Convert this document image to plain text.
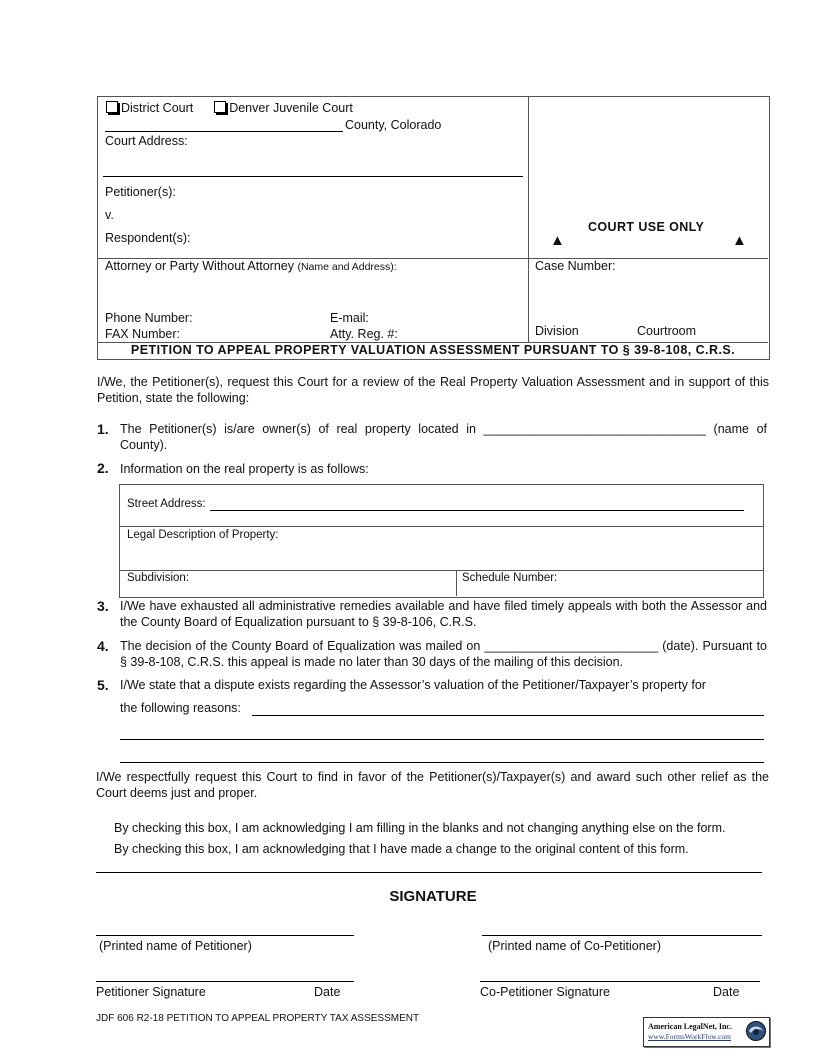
District Court	Denver Juvenile Court
County, Colorado
Court Address:
Petitioner(s):
v.
Respondent(s):
COURT USE ONLY
▲	▲
Attorney or Party Without Attorney (Name and Address):
Phone Number:	E-mail:
FAX Number:	Atty. Reg. #:
Case Number:
Division	Courtroom
PETITION TO APPEAL PROPERTY VALUATION ASSESSMENT PURSUANT TO § 39-8-108, C.R.S.
I/We, the Petitioner(s), request this Court for a review of the Real Property Valuation Assessment and in support of this Petition, state the following:
1. The Petitioner(s) is/are owner(s) of real property located in ________________________________ (name of County).
2. Information on the real property is as follows:
Street Address:
Legal Description of Property:
Subdivision:	Schedule Number:
3. I/We have exhausted all administrative remedies available and have filed timely appeals with both the Assessor and the County Board of Equalization pursuant to § 39-8-106, C.R.S.
4. The decision of the County Board of Equalization was mailed on _________________________ (date). Pursuant to § 39-8-108, C.R.S. this appeal is made no later than 30 days of the mailing of this decision.
5. I/We state that a dispute exists regarding the Assessor’s valuation of the Petitioner/Taxpayer’s property for
the following reasons:
I/We respectfully request this Court to find in favor of the Petitioner(s)/Taxpayer(s) and award such other relief as the Court deems just and proper.
By checking this box, I am acknowledging I am filling in the blanks and not changing anything else on the form.
By checking this box, I am acknowledging that I have made a change to the original content of this form.
SIGNATURE
(Printed name of Petitioner)	(Printed name of Co-Petitioner)
Petitioner Signature	Date	Co-Petitioner Signature	Date
JDF 606 R2-18 PETITION TO APPEAL PROPERTY TAX ASSESSMENT
American LegalNet, Inc.
www.FormsWorkFlow.com
